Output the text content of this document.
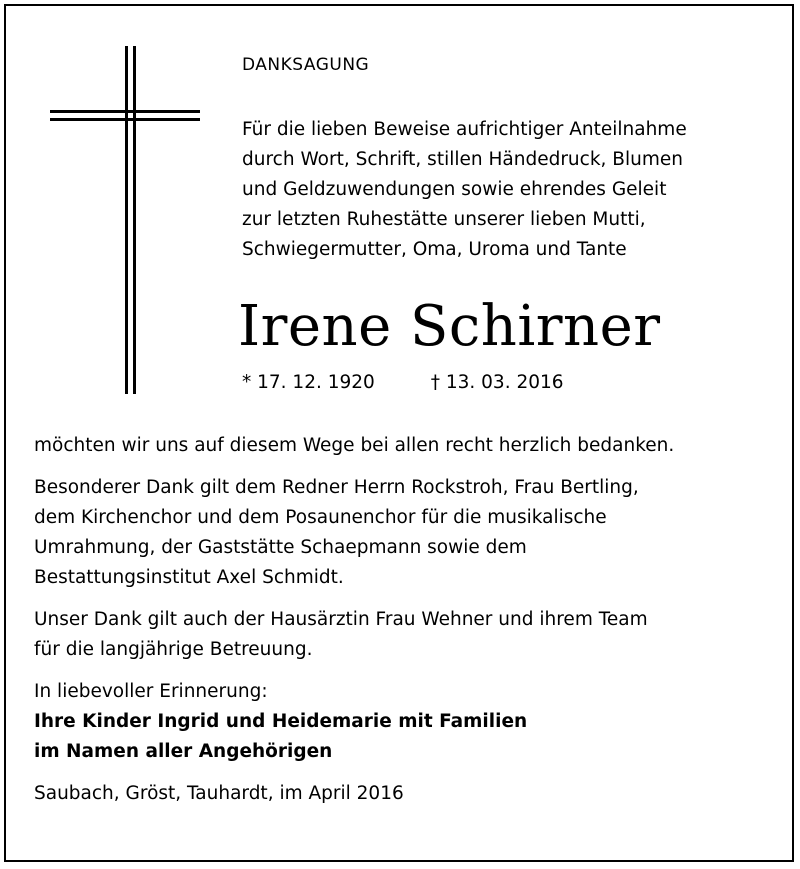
DANKSAGUNG
Für die lieben Beweise aufrichtiger Anteilnahme
durch Wort, Schrift, stillen Händedruck, Blumen
und Geldzuwendungen sowie ehrendes Geleit
zur letzten Ruhestätte unserer lieben Mutti,
Schwiegermutter, Oma, Uroma und Tante
Irene Schirner
* 17. 12. 1920	† 13. 03. 2016
möchten wir uns auf diesem Wege bei allen recht herzlich bedanken.
Besonderer Dank gilt dem Redner Herrn Rockstroh, Frau Bertling,
dem Kirchenchor und dem Posaunenchor für die musikalische
Umrahmung, der Gaststätte Schaepmann sowie dem
Bestattungsinstitut Axel Schmidt.
Unser Dank gilt auch der Hausärztin Frau Wehner und ihrem Team
für die langjährige Betreuung.
In liebevoller Erinnerung:
Ihre Kinder Ingrid und Heidemarie mit Familien
im Namen aller Angehörigen
Saubach, Gröst, Tauhardt, im April 2016
